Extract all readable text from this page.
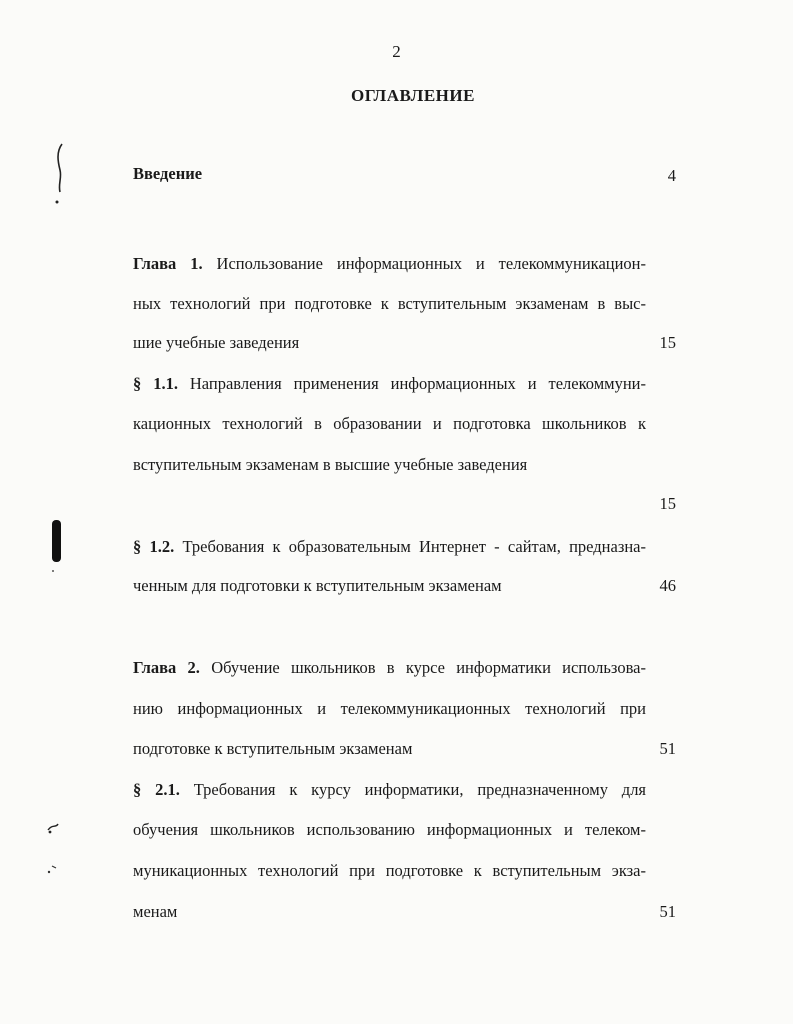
2
ОГЛАВЛЕНИЕ
Введение	4
Глава 1. Использование информационных и телекоммуникацион-
ных технологий при подготовке к вступительным экзаменам в выс-
шие учебные заведения	15
§ 1.1. Направления применения информационных и телекоммуни-
кационных технологий в образовании и подготовка школьников к
вступительным экзаменам в высшие учебные заведения
15
§ 1.2. Требования к образовательным Интернет - сайтам, предназна-
ченным для подготовки к вступительным экзаменам	46
Глава 2. Обучение школьников в курсе информатики использова-
нию информационных и телекоммуникационных технологий при
подготовке к вступительным экзаменам	51
§ 2.1. Требования к курсу информатики, предназначенному для
обучения школьников использованию информационных и телеком-
муникационных технологий при подготовке к вступительным экза-
менам	51
